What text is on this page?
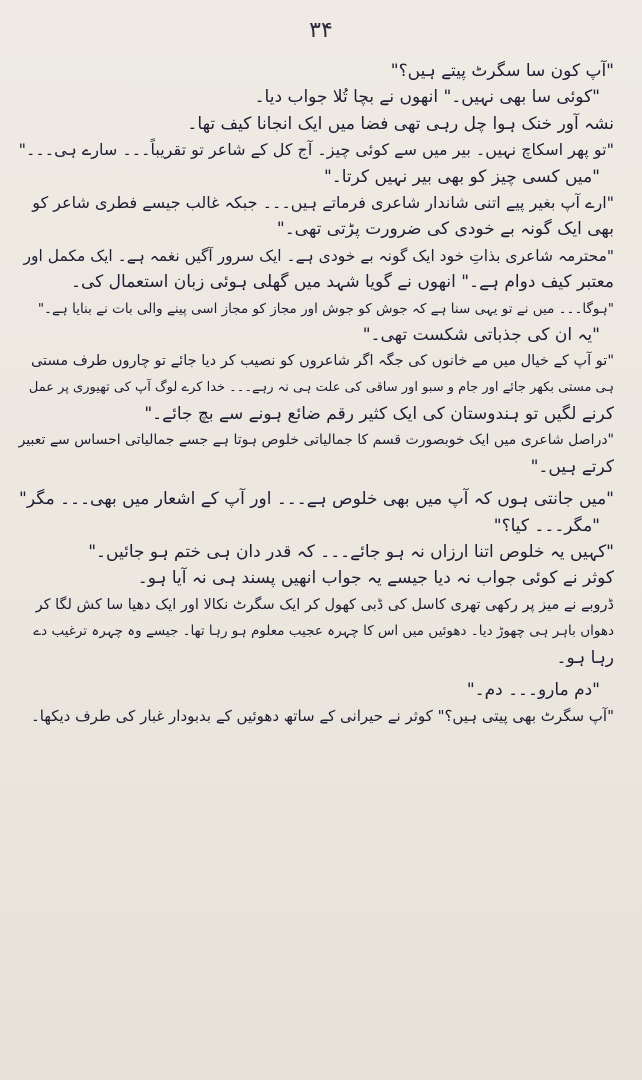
۳۴
"آپ کون سا سگرٹ پیتے ہیں؟"
"کوئی سا بھی نہیں۔" انھوں نے بچا تُلا جواب دیا۔
نشہ آور خنک ہوا چل رہی تھی فضا میں ایک انجانا کیف تھا۔
"تو پھر اسکاچ نہیں۔ بیر میں سے کوئی چیز۔ آج کل کے شاعر تو تقریباً۔۔۔ سارے ہی۔۔۔"
"میں کسی چیز کو بھی بیر نہیں کرتا۔"
"ارے آپ بغیر پیے اتنی شاندار شاعری فرماتے ہیں۔۔۔ جبکہ غالب جیسے فطری شاعر کو
بھی ایک گونہ بے خودی کی ضرورت پڑتی تھی۔"
"محترمہ شاعری بذاتِ خود ایک گونہ بے خودی ہے۔ ایک سرور آگیں نغمہ ہے۔ ایک مکمل اور
معتبر کیف دوام ہے۔" انھوں نے گویا شہد میں گھلی ہوئی زبان استعمال کی۔
"ہوگا۔۔۔ میں نے تو یہی سنا ہے کہ جوش کو جوش اور مجاز کو مجاز اسی پینے والی بات نے بنایا ہے۔"
"یہ ان کی جذباتی شکست تھی۔"
"تو آپ کے خیال میں مے خانوں کی جگہ اگر شاعروں کو نصیب کر دیا جائے تو چاروں طرف مستی
ہی مستی بکھر جائے اور جام و سبو اور ساقی کی علت ہی نہ رہے۔۔۔ خدا کرے لوگ آپ کی تھیوری پر عمل
کرنے لگیں تو ہندوستان کی ایک کثیر رقم ضائع ہونے سے بچ جائے۔"
"دراصل شاعری میں ایک خوبصورت قسم کا جمالیاتی خلوص ہوتا ہے جسے جمالیاتی احساس سے تعبیر
کرتے ہیں۔"
"میں جانتی ہوں کہ آپ میں بھی خلوص ہے۔۔۔ اور آپ کے اشعار میں بھی۔۔۔ مگر"
"مگر۔۔۔ کیا؟"
"کہیں یہ خلوص اتنا ارزاں نہ ہو جائے۔۔۔ کہ قدر دان ہی ختم ہو جائیں۔"
کوثر نے کوئی جواب نہ دیا جیسے یہ جواب انھیں پسند ہی نہ آیا ہو۔
ڈروبے نے میز پر رکھی تھری کاسل کی ڈبی کھول کر ایک سگرٹ نکالا اور ایک دھیا سا کش لگا کر
دھواں باہر ہی چھوڑ دیا۔ دھوئیں میں اس کا چہرہ عجیب معلوم ہو رہا تھا۔ جیسے وہ چہرہ ترغیب دے
رہا ہو۔
"دم مارو۔۔۔ دم۔"
"آپ سگرٹ بھی پیتی ہیں؟" کوثر نے حیرانی کے ساتھ دھوئیں کے بدبودار غبار کی طرف دیکھا۔
